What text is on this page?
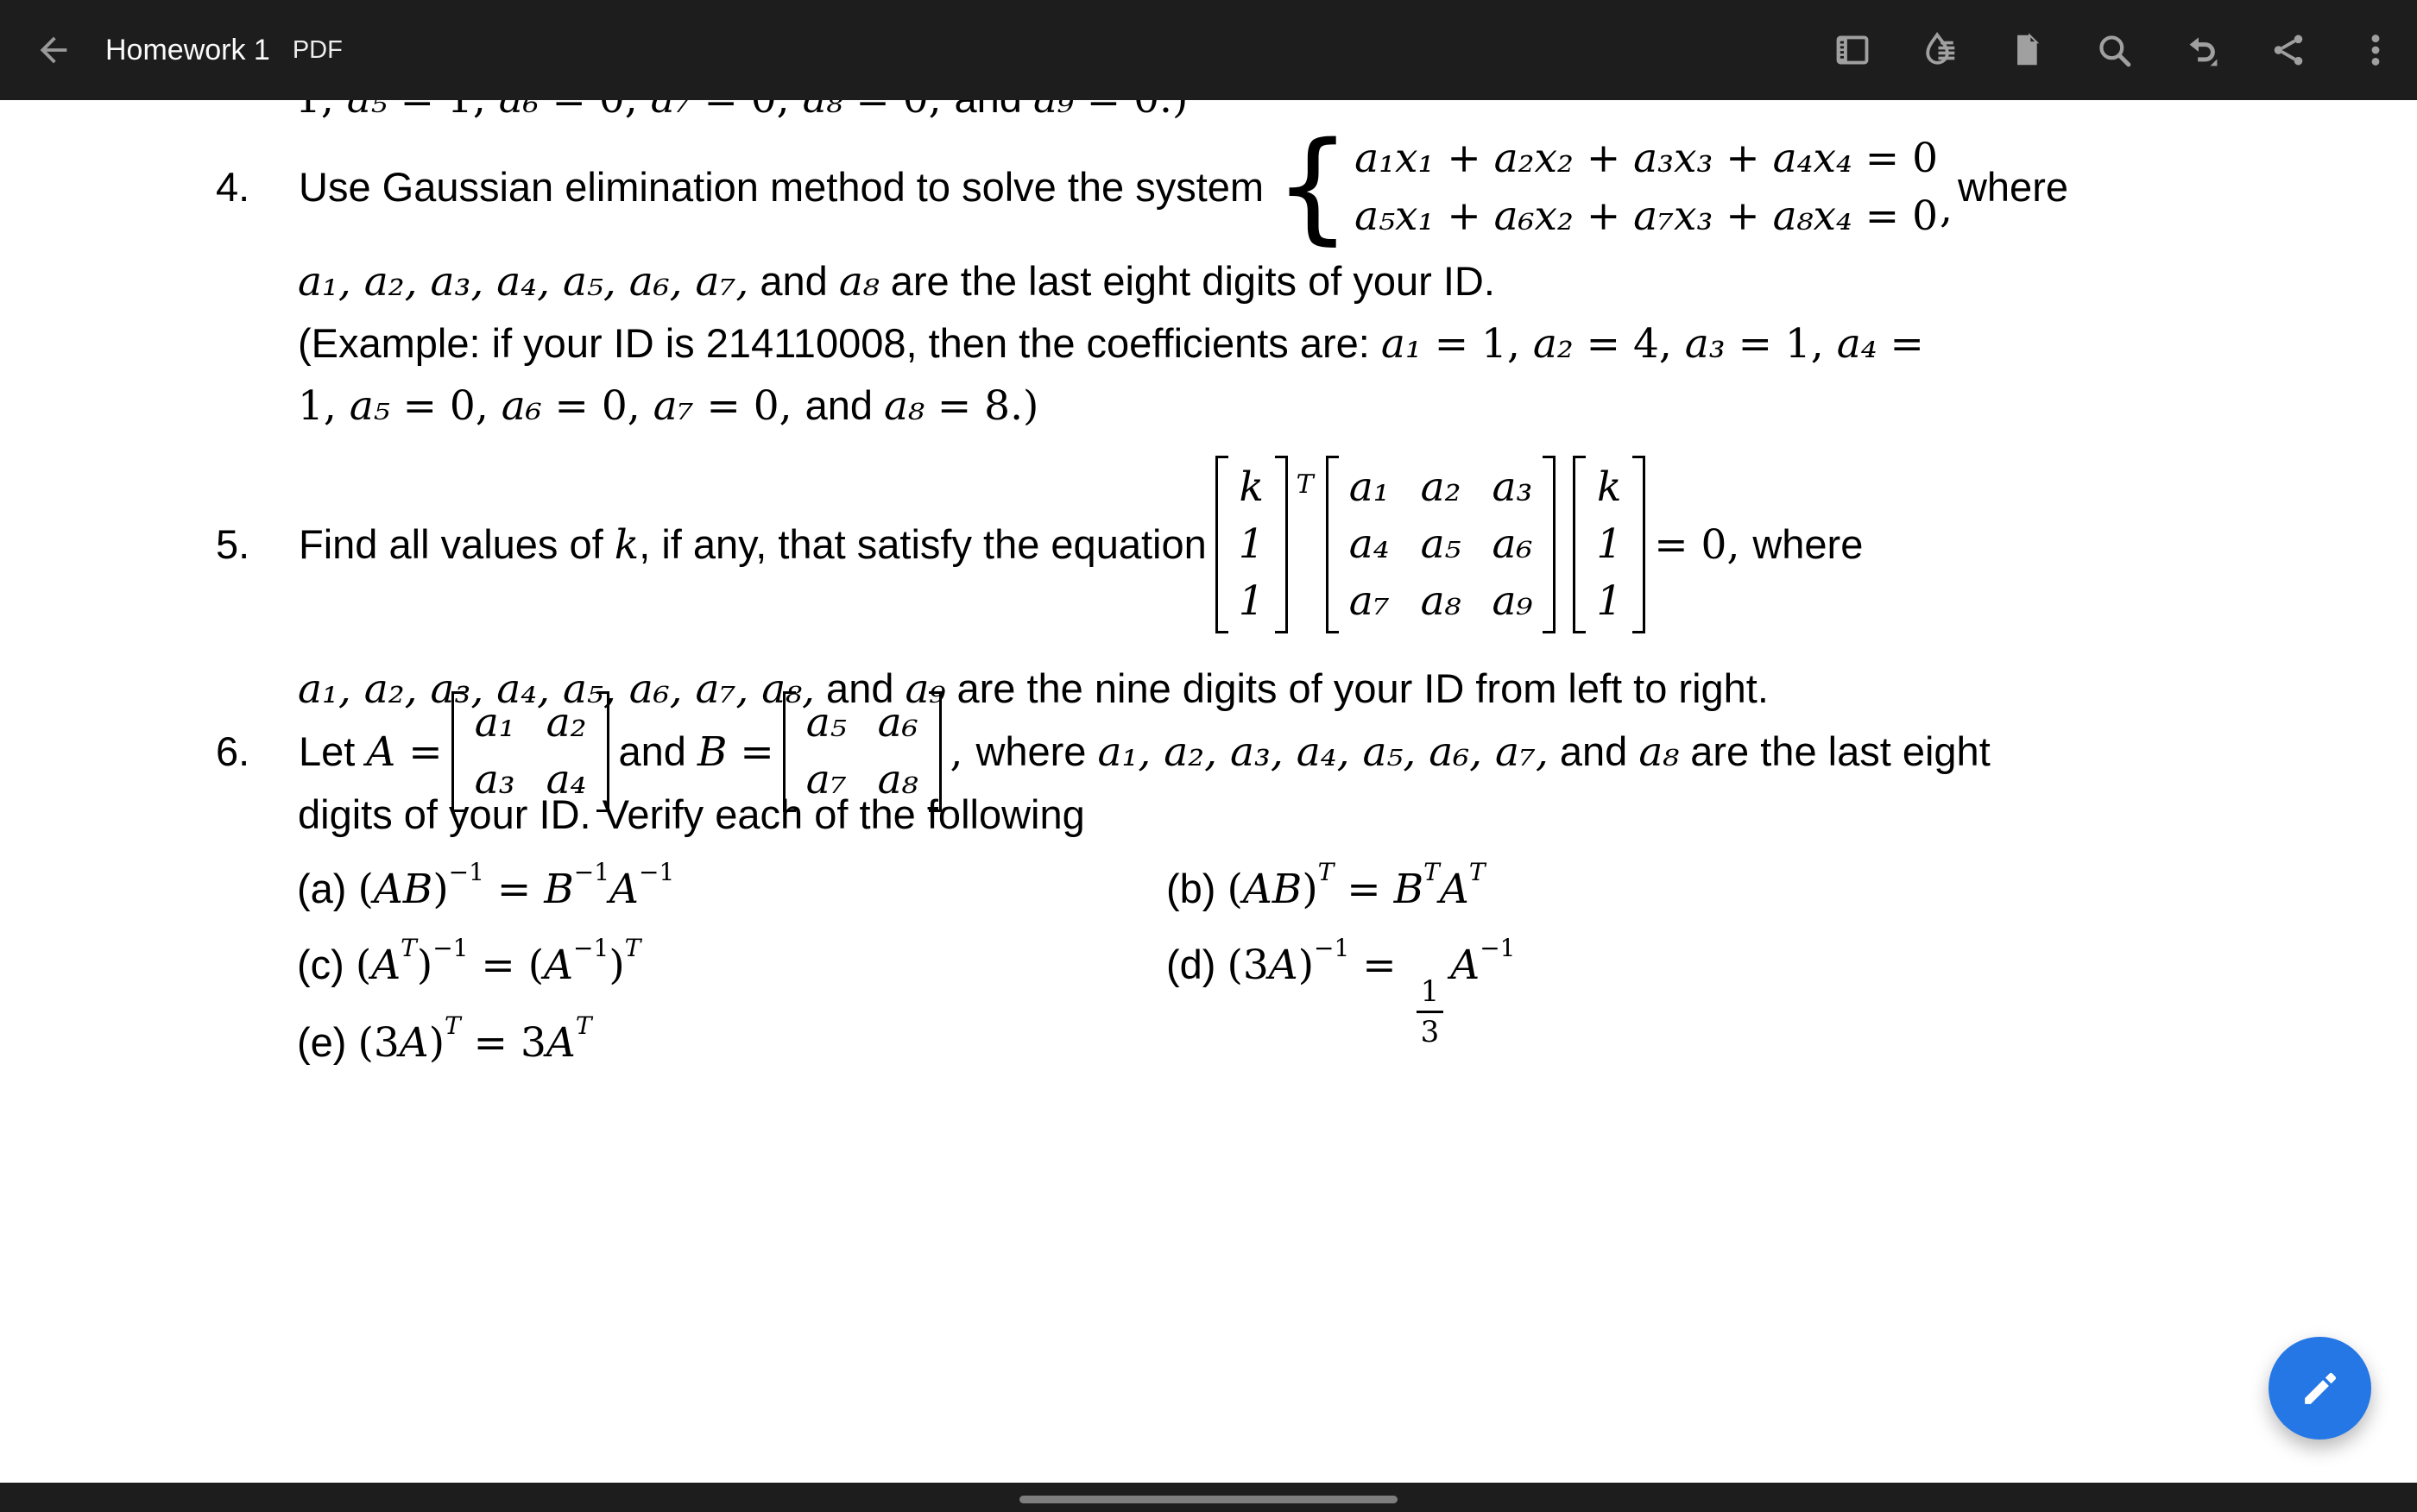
Homework 1 PDF
4.	Use Gaussian elimination method to solve the system { a₁x₁ + a₂x₂ + a₃x₃ + a₄x₄ = 0
a₅x₁ + a₆x₂ + a₇x₃ + a₈x₄ = 0 , where
a₁, a₂, a₃, a₄, a₅, a₆, a₇, and a₈ are the last eight digits of your ID.
(Example: if your ID is 214110008, then the coefficients are: a₁ = 1, a₂ = 4, a₃ = 1, a₄ =
1, a₅ = 0, a₆ = 0, a₇ = 0, and a₈ = 8.)
5.	Find all values of k, if any, that satisfy the equation
k
1
1
T a₁ a₂ a₃
a₄ a₅ a₆
a₇ a₈ a₉
k
1
1
= 0, where
a₁, a₂, a₃, a₄, a₅, a₆, a₇, a₈, and a₉ are the nine digits of your ID from left to right.
6.	Let A =
a₁ a₂
a₃ a₄
and B =
a₅ a₆
a₇ a₈
, where a₁, a₂, a₃, a₄, a₅, a₆, a₇, and a₈ are the last eight
digits of your ID. Verify each of the following
(a) $(AB)^{-1} = B^{-1}A^{-1}$	(b) $(AB)^T = B^TA^T$
(c) $(A^T)^{-1} = (A^{-1})^T$	(d) $(3A)^{-1}$ =
$\frac{1}{3}$
$A^{-1}$
(e) $(3A)^T = 3A^T$
